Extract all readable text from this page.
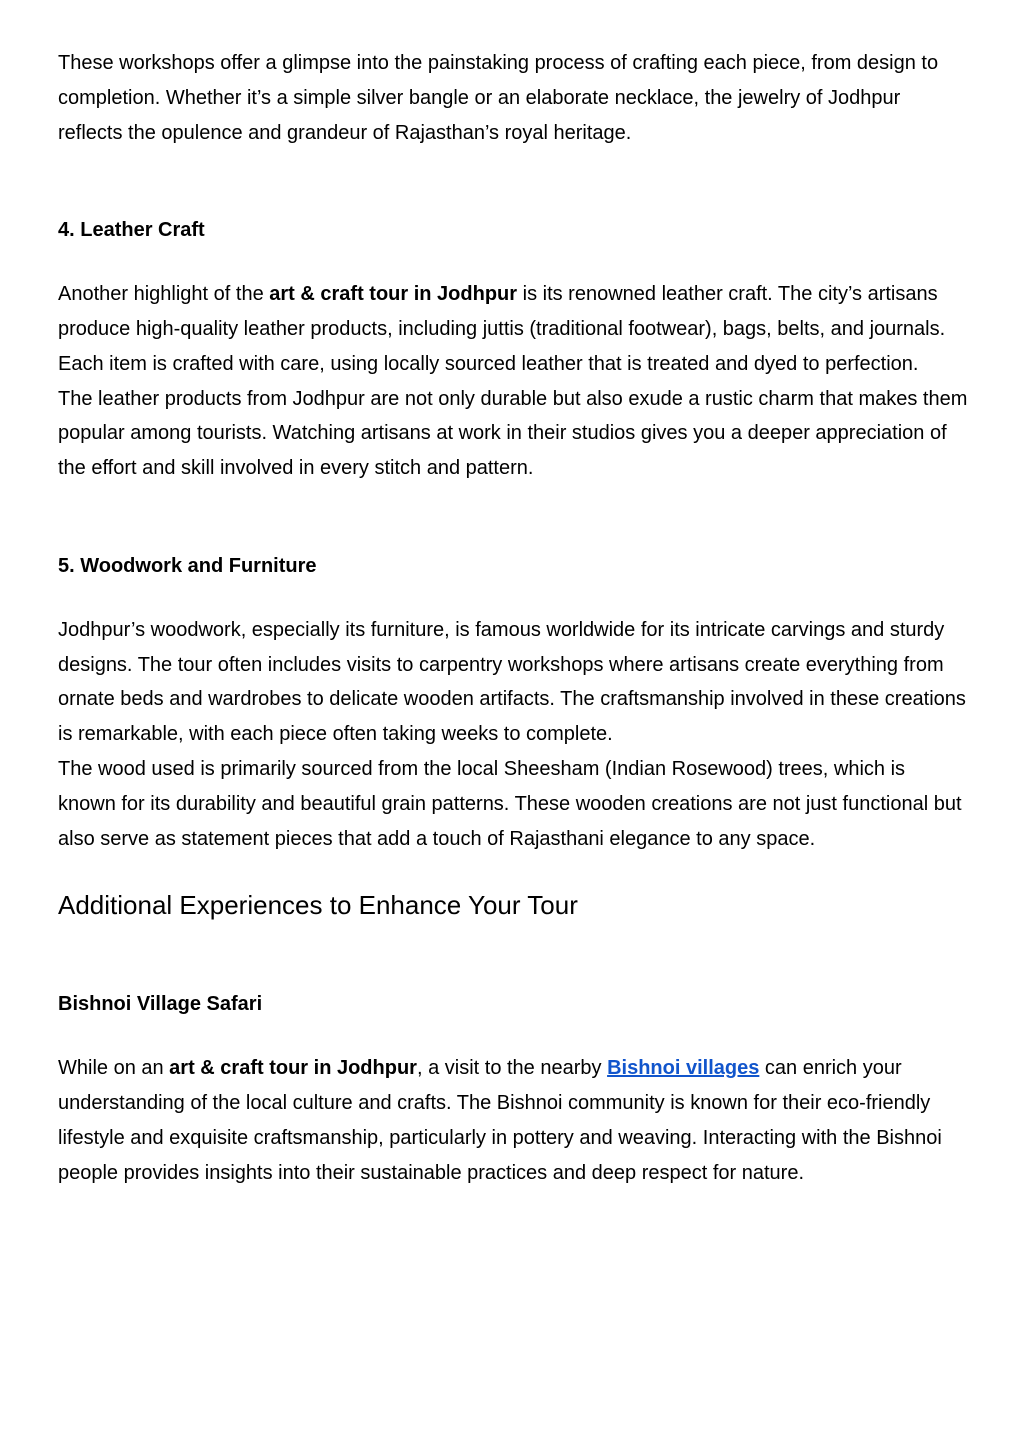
These workshops offer a glimpse into the painstaking process of crafting each piece, from design to completion. Whether it’s a simple silver bangle or an elaborate necklace, the jewelry of Jodhpur reflects the opulence and grandeur of Rajasthan’s royal heritage.

4. Leather Craft

Another highlight of the art & craft tour in Jodhpur is its renowned leather craft. The city’s artisans produce high-quality leather products, including juttis (traditional footwear), bags, belts, and journals. Each item is crafted with care, using locally sourced leather that is treated and dyed to perfection.

The leather products from Jodhpur are not only durable but also exude a rustic charm that makes them popular among tourists. Watching artisans at work in their studios gives you a deeper appreciation of the effort and skill involved in every stitch and pattern.

5. Woodwork and Furniture

Jodhpur’s woodwork, especially its furniture, is famous worldwide for its intricate carvings and sturdy designs. The tour often includes visits to carpentry workshops where artisans create everything from ornate beds and wardrobes to delicate wooden artifacts. The craftsmanship involved in these creations is remarkable, with each piece often taking weeks to complete.

The wood used is primarily sourced from the local Sheesham (Indian Rosewood) trees, which is known for its durability and beautiful grain patterns. These wooden creations are not just functional but also serve as statement pieces that add a touch of Rajasthani elegance to any space.

Additional Experiences to Enhance Your Tour
Bishnoi Village Safari

While on an art & craft tour in Jodhpur, a visit to the nearby Bishnoi villages can enrich your understanding of the local culture and crafts. The Bishnoi community is known for their eco-friendly lifestyle and exquisite craftsmanship, particularly in pottery and weaving. Interacting with the Bishnoi people provides insights into their sustainable practices and deep respect for nature.
